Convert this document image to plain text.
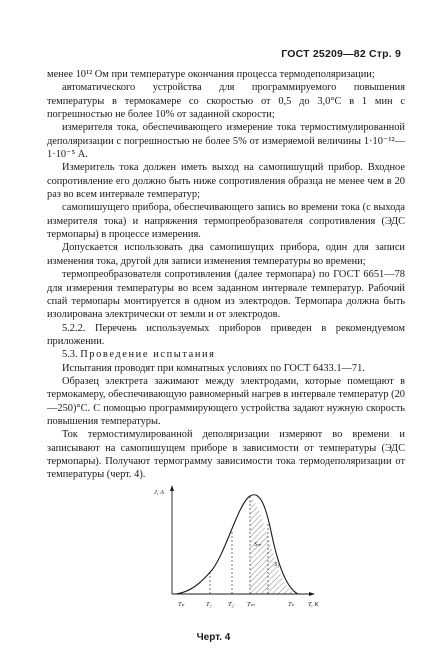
ГОСТ 25209—82 Стр. 9

менее 10¹² Ом при температуре окончания процесса термодеполяризации;

автоматического устройства для программируемого повышения температуры в термокамере со скоростью от 0,5 до 3,0°С в 1 мин с погрешностью не более 10% от заданной скорости;

измерителя тока, обеспечивающего измерение тока термостимулированной деполяризации с погрешностью не более 5% от измеряемой величины 1·10⁻¹²—1·10⁻⁵ А.

Измеритель тока должен иметь выход на самопишущий прибор. Входное сопротивление его должно быть ниже сопротивления образца не менее чем в 20 раз во всем интервале температур;

самопишущего прибора, обеспечивающего запись во времени тока (с выхода измерителя тока) и напряжения термопреобразователя сопротивления (ЭДС термопары) в процессе измерения.

Допускается использовать два самопишущих прибора, один для записи изменения тока, другой для записи изменения температуры во времени;

термопреобразователя сопротивления (далее термопара) по ГОСТ 6651—78 для измерения температуры во всем заданном интервале температур. Рабочий спай термопары монтируется в одном из электродов. Термопара должна быть изолирована электрически от земли и от электродов.

5.2.2. Перечень используемых приборов приведен в рекомендуемом приложении.

5.3. Проведение испытания

Испытания проводят при комнатных условиях по ГОСТ 6433.1—71.

Образец электрета зажимают между электродами, которые помещают в термокамеру, обеспечивающую равномерный нагрев в интервале температур (20—250)°С. С помощью программирующего устройства задают нужную скорость повышения температуры.

Ток термостимулированной деполяризации измеряют во времени и записывают на самопишущем приборе в зависимости от температуры (ЭДС термопары). Получают термограмму зависимости тока термодеполяризации от температуры (черт. 4).

Sₘ
S₁
J, A
T, K
Tₚ	T₁ T₂ Tₘ	Tₖ
Черт. 4
